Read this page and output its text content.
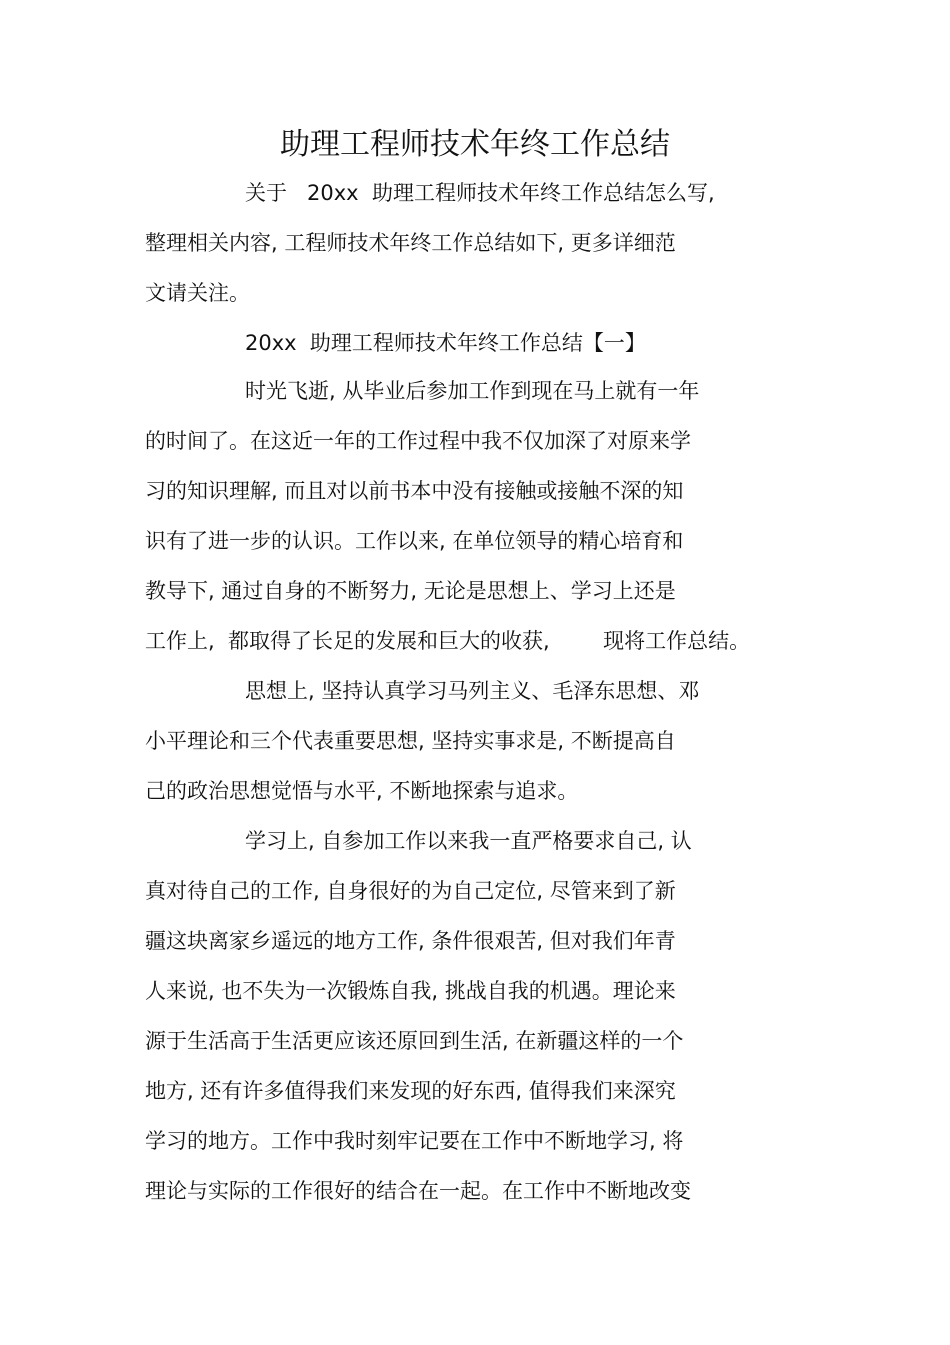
助理工程师技术年终工作总结
关于   20xx  助理工程师技术年终工作总结怎么写,
整理相关内容, 工程师技术年终工作总结如下, 更多详细范
文请关注。
20xx  助理工程师技术年终工作总结【一】
时光飞逝, 从毕业后参加工作到现在马上就有一年
的时间了。在这近一年的工作过程中我不仅加深了对原来学
习的知识理解, 而且对以前书本中没有接触或接触不深的知
识有了进一步的认识。工作以来, 在单位领导的精心培育和
教导下, 通过自身的不断努力, 无论是思想上、学习上还是
工作上,  都取得了长足的发展和巨大的收获,        现将工作总结。
思想上, 坚持认真学习马列主义、毛泽东思想、邓
小平理论和三个代表重要思想, 坚持实事求是, 不断提高自
己的政治思想觉悟与水平, 不断地探索与追求。
学习上, 自参加工作以来我一直严格要求自己, 认
真对待自己的工作, 自身很好的为自己定位, 尽管来到了新
疆这块离家乡遥远的地方工作, 条件很艰苦, 但对我们年青
人来说, 也不失为一次锻炼自我, 挑战自我的机遇。理论来
源于生活高于生活更应该还原回到生活, 在新疆这样的一个
地方, 还有许多值得我们来发现的好东西, 值得我们来深究
学习的地方。工作中我时刻牢记要在工作中不断地学习, 将
理论与实际的工作很好的结合在一起。在工作中不断地改变
